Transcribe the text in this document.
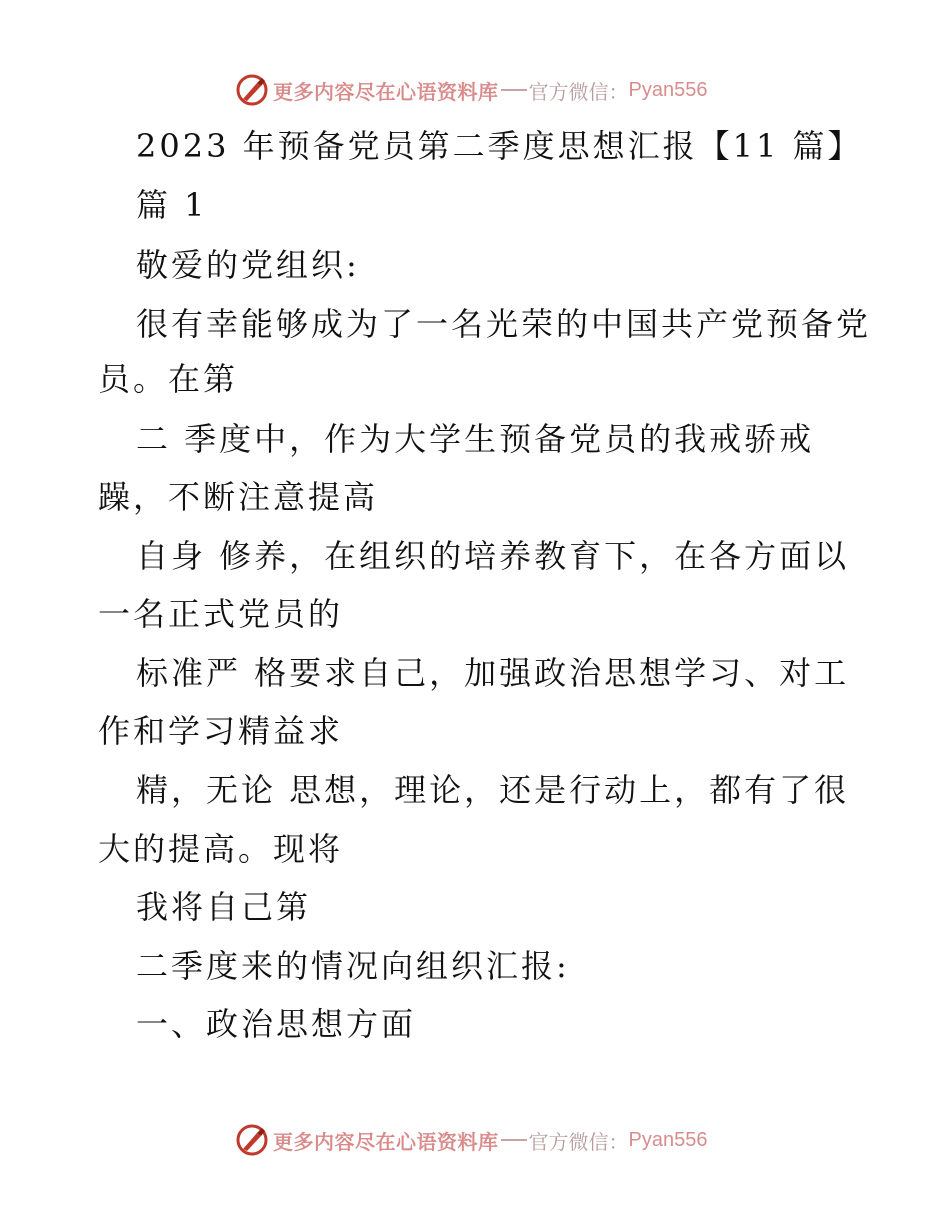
更多内容尽在心语资料库 官方微信： Pyan556
2023 年预备党员第二季度思想汇报【11 篇】
篇 1
敬爱的党组织:
很有幸能够成为了一名光荣的中国共产党预备党
员。在第
二 季度中，作为大学生预备党员的我戒骄戒
躁，不断注意提高
自身 修养，在组织的培养教育下，在各方面以
一名正式党员的
标准严 格要求自己，加强政治思想学习、对工
作和学习精益求
精，无论 思想，理论，还是行动上，都有了很
大的提高。现将
我将自己第
二季度来的情况向组织汇报:
一、政治思想方面
更多内容尽在心语资料库 官方微信： Pyan556
